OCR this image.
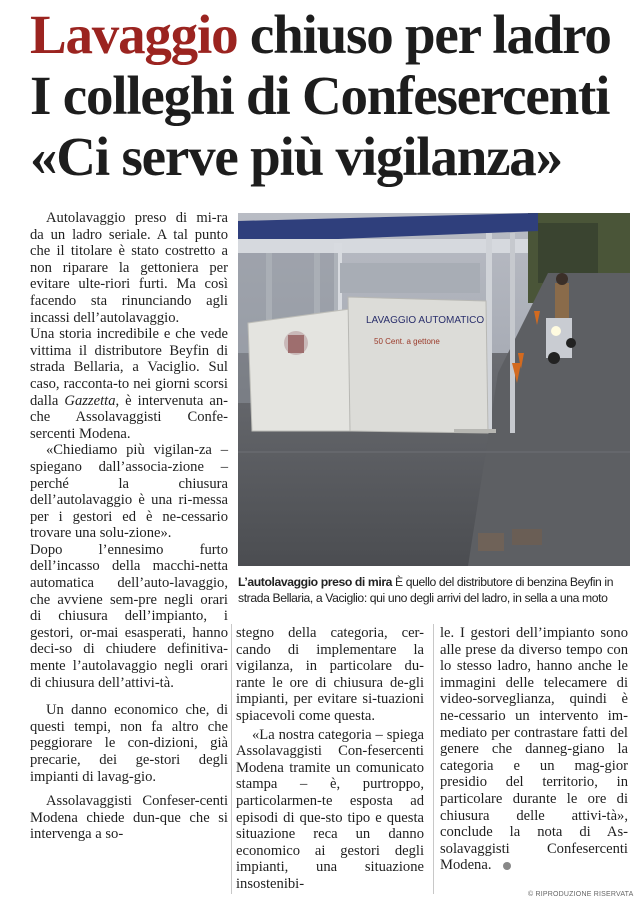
Lavaggio chiuso per ladro
I colleghi di Confesercenti
«Ci serve più vigilanza»

Autolavaggio preso di mi-ra da un ladro seriale. A tal punto che il titolare è stato costretto a non riparare la gettoniera per evitare ulte-riori furti. Ma così facendo sta rinunciando agli incassi dell’autolavaggio.

Una storia incredibile e che vede vittima il distributore Beyfin di strada Bellaria, a Vaciglio. Sul caso, racconta-to nei giorni scorsi dalla Gazzetta, è intervenuta an-che Assolavaggisti Confe-sercenti Modena.

«Chiediamo più vigilan-za – spiegano dall’associa-zione – perché la chiusura dell’autolavaggio è una ri-messa per i gestori ed è ne-cessario trovare una solu-zione».

Dopo l’ennesimo furto dell’incasso della macchi-netta automatica dell’auto-lavaggio, che avviene sem-pre negli orari di chiusura dell’impianto, i gestori, or-mai esasperati, hanno deci-so di chiudere definitiva-mente l’autolavaggio negli orari di chiusura dell’attivi-tà.

Un danno economico che, di questi tempi, non fa altro che peggiorare le con-dizioni, già precarie, dei ge-stori degli impianti di lavag-gio.

Assolavaggisti Confeser-centi Modena chiede dun-que che si intervenga a so-

LAVAGGIO AUTOMATICO
50 Cent. a gettone
L’autolavaggio preso di mira È quello del distributore di benzina Beyfin in strada Bellaria, a Vaciglio: qui uno degli arrivi del ladro, in sella a una moto

stegno della categoria, cer-cando di implementare la vigilanza, in particolare du-rante le ore di chiusura de-gli impianti, per evitare si-tuazioni spiacevoli come questa.

«La nostra categoria – spiega Assolavaggisti Con-fesercenti Modena tramite un comunicato stampa – è, purtroppo, particolarmen-te esposta ad episodi di que-sto tipo e questa situazione reca un danno economico ai gestori degli impianti, una situazione insostenibi-

le. I gestori dell’impianto sono alle prese da diverso tempo con lo stesso ladro, hanno anche le immagini delle telecamere di video-sorveglianza, quindi è ne-cessario un intervento im-mediato per contrastare fatti del genere che danneg-giano la categoria e un mag-gior presidio del territorio, in particolare durante le ore di chiusura delle attivi-tà», conclude la nota di As-solavaggisti Confesercenti Modena.

© RIPRODUZIONE RISERVATA
